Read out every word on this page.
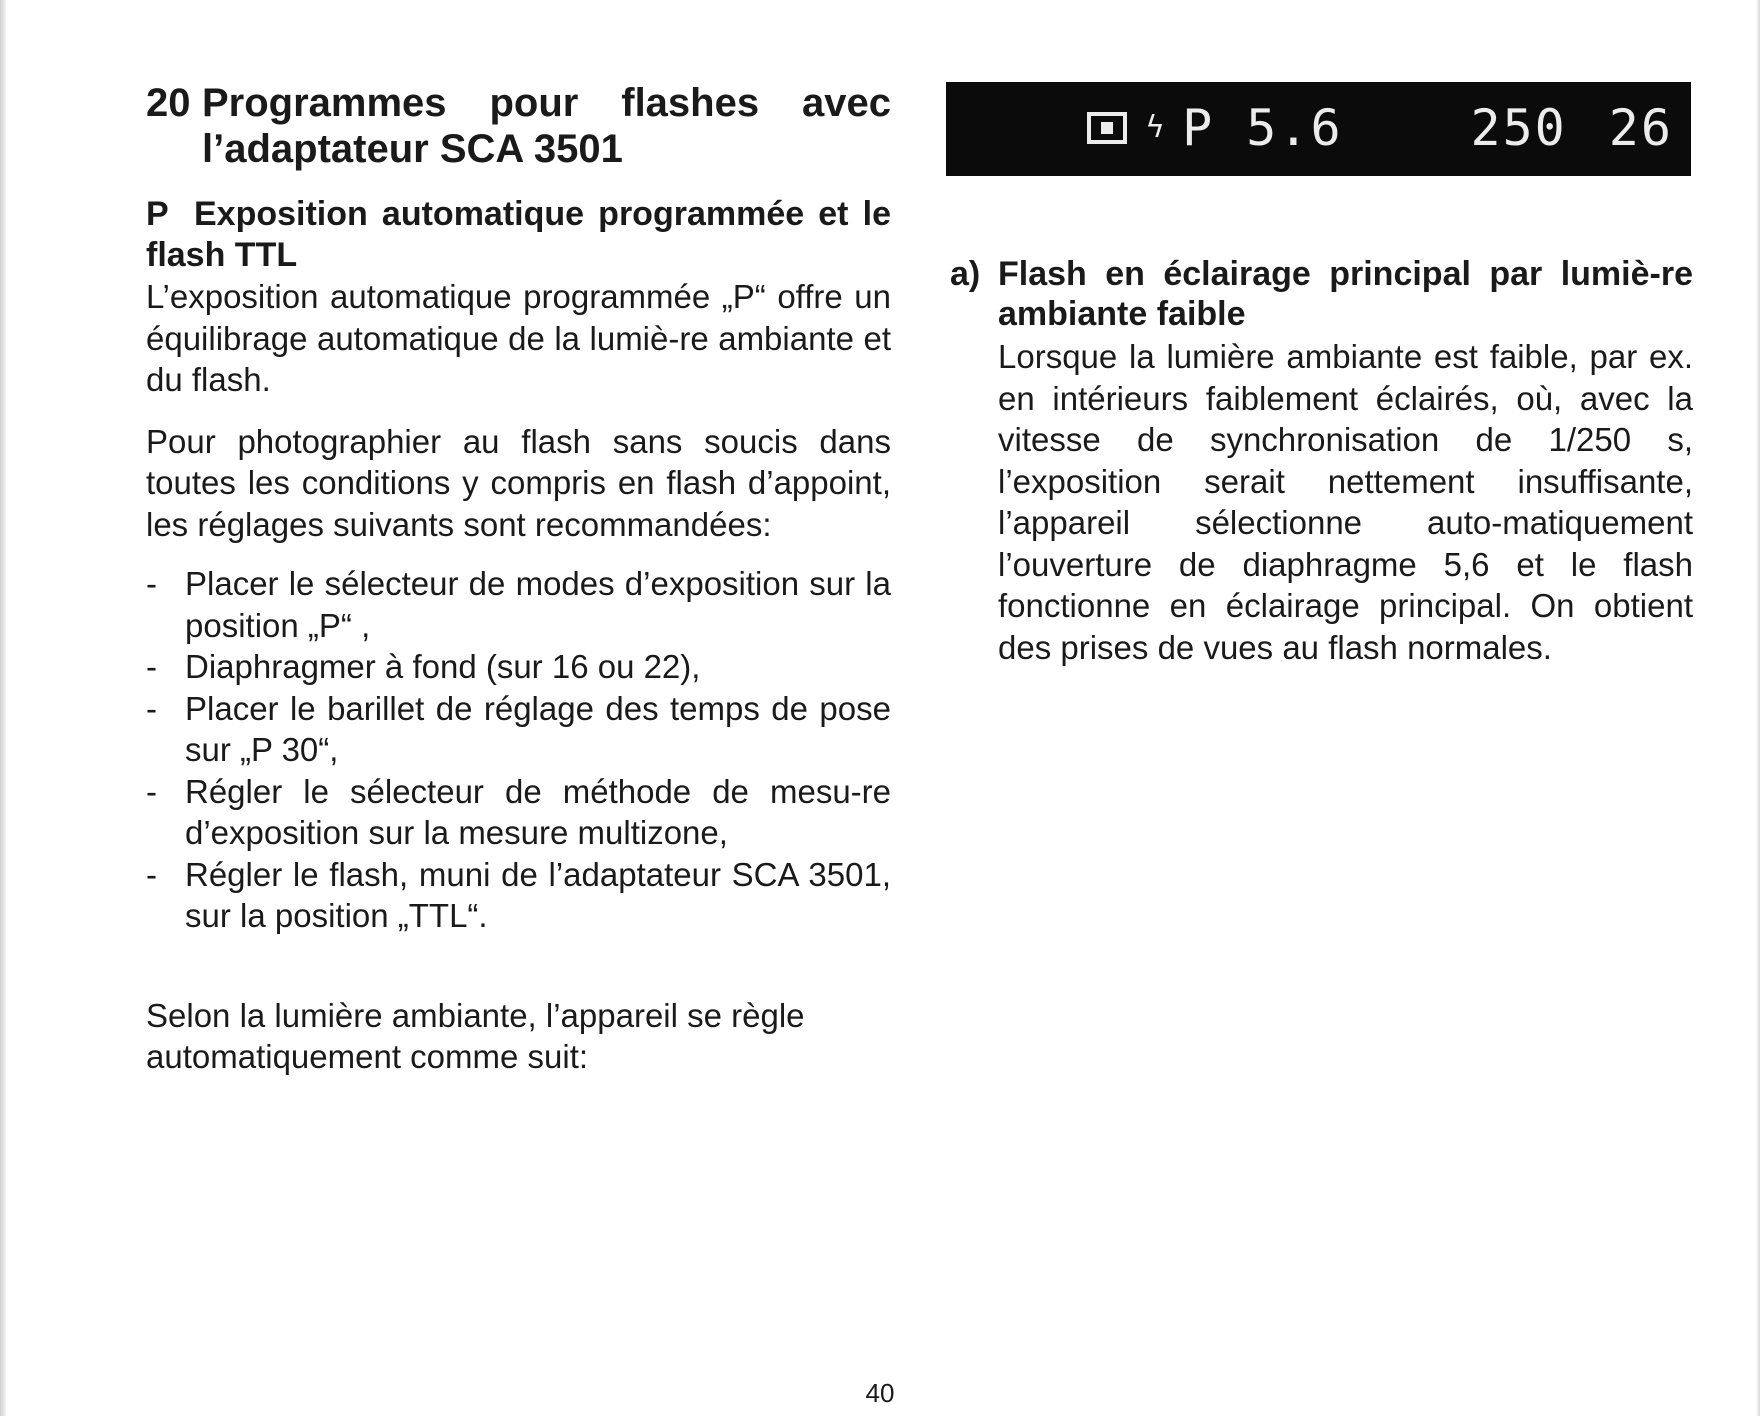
20 Programmes pour flashes avec l’adaptateur SCA 3501
P Exposition automatique programmée et le flash TTL

L’exposition automatique programmée „P“ offre un équilibrage automatique de la lumiè-re ambiante et du flash.

Pour photographier au flash sans soucis dans toutes les conditions y compris en flash d’appoint, les réglages suivants sont recommandées:

- Placer le sélecteur de modes d’exposition sur la position „P“ ,
- Diaphragmer à fond (sur 16 ou 22),
- Placer le barillet de réglage des temps de pose sur „P 30“,
- Régler le sélecteur de méthode de mesu-re d’exposition sur la mesure multizone,
- Régler le flash, muni de l’adaptateur SCA 3501, sur la position „TTL“.

Selon la lumière ambiante, l’appareil se règle automatiquement comme suit:

ϟ P 5.6	250 26
a) Flash en éclairage principal par lumiè-re ambiante faible

Lorsque la lumière ambiante est faible, par ex. en intérieurs faiblement éclairés, où, avec la vitesse de synchronisation de 1/250 s, l’exposition serait nettement insuffisante, l’appareil sélectionne auto-matiquement l’ouverture de diaphragme 5,6 et le flash fonctionne en éclairage principal. On obtient des prises de vues au flash normales.

40
